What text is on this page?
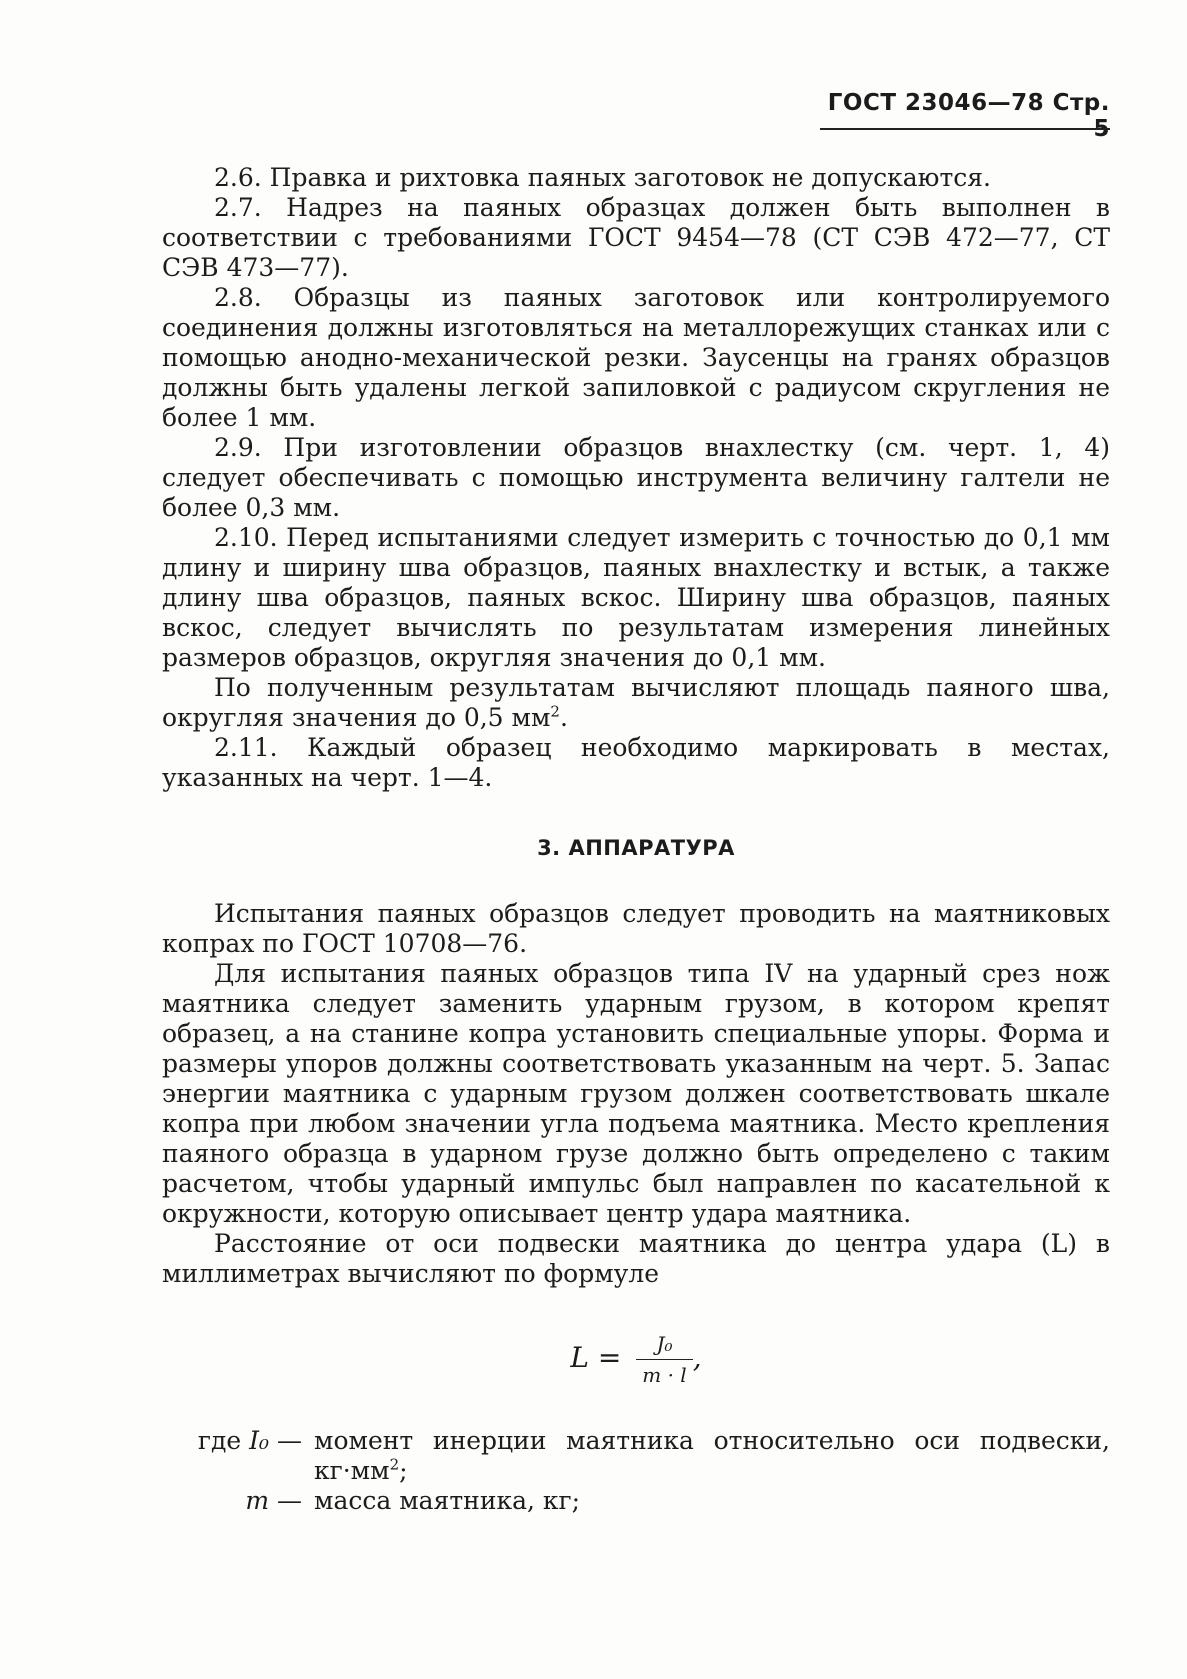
ГОСТ 23046—78 Стр. 5

2.6. Правка и рихтовка паяных заготовок не допускаются.

2.7. Надрез на паяных образцах должен быть выполнен в соответствии с требованиями ГОСТ 9454—78 (СТ СЭВ 472—77, СТ СЭВ 473—77).

2.8. Образцы из паяных заготовок или контролируемого соединения должны изготовляться на металлорежущих станках или с помощью анодно-механической резки. Заусенцы на гранях образцов должны быть удалены легкой запиловкой с радиусом скругления не более 1 мм.

2.9. При изготовлении образцов внахлестку (см. черт. 1, 4) следует обеспечивать с помощью инструмента величину галтели не более 0,3 мм.

2.10. Перед испытаниями следует измерить с точностью до 0,1 мм длину и ширину шва образцов, паяных внахлестку и встык, а также длину шва образцов, паяных вскос. Ширину шва образцов, паяных вскос, следует вычислять по результатам измерения линейных размеров образцов, округляя значения до 0,1 мм.

По полученным результатам вычисляют площадь паяного шва, округляя значения до 0,5 $мм^2$.

2.11. Каждый образец необходимо маркировать в местах, указанных на черт. 1—4.

3. АППАРАТУРА

Испытания паяных образцов следует проводить на маятниковых копрах по ГОСТ 10708—76.

Для испытания паяных образцов типа IV на ударный срез нож маятника следует заменить ударным грузом, в котором крепят образец, а на станине копра установить специальные упоры. Форма и размеры упоров должны соответствовать указанным на черт. 5. Запас энергии маятника с ударным грузом должен соответствовать шкале копра при любом значении угла подъема маятника. Место крепления паяного образца в ударном грузе должно быть определено с таким расчетом, чтобы ударный импульс был направлен по касательной к окружности, которую описывает центр удара маятника.

Расстояние от оси подвески маятника до центра удара (L) в миллиметрах вычисляют по формуле

$L = \frac{\text{J₀}}{m \cdot l}$ ,
где I₀ — момент инерции маятника относительно оси подвески, $кг\cdot мм^2$;
m — масса маятника, кг;
